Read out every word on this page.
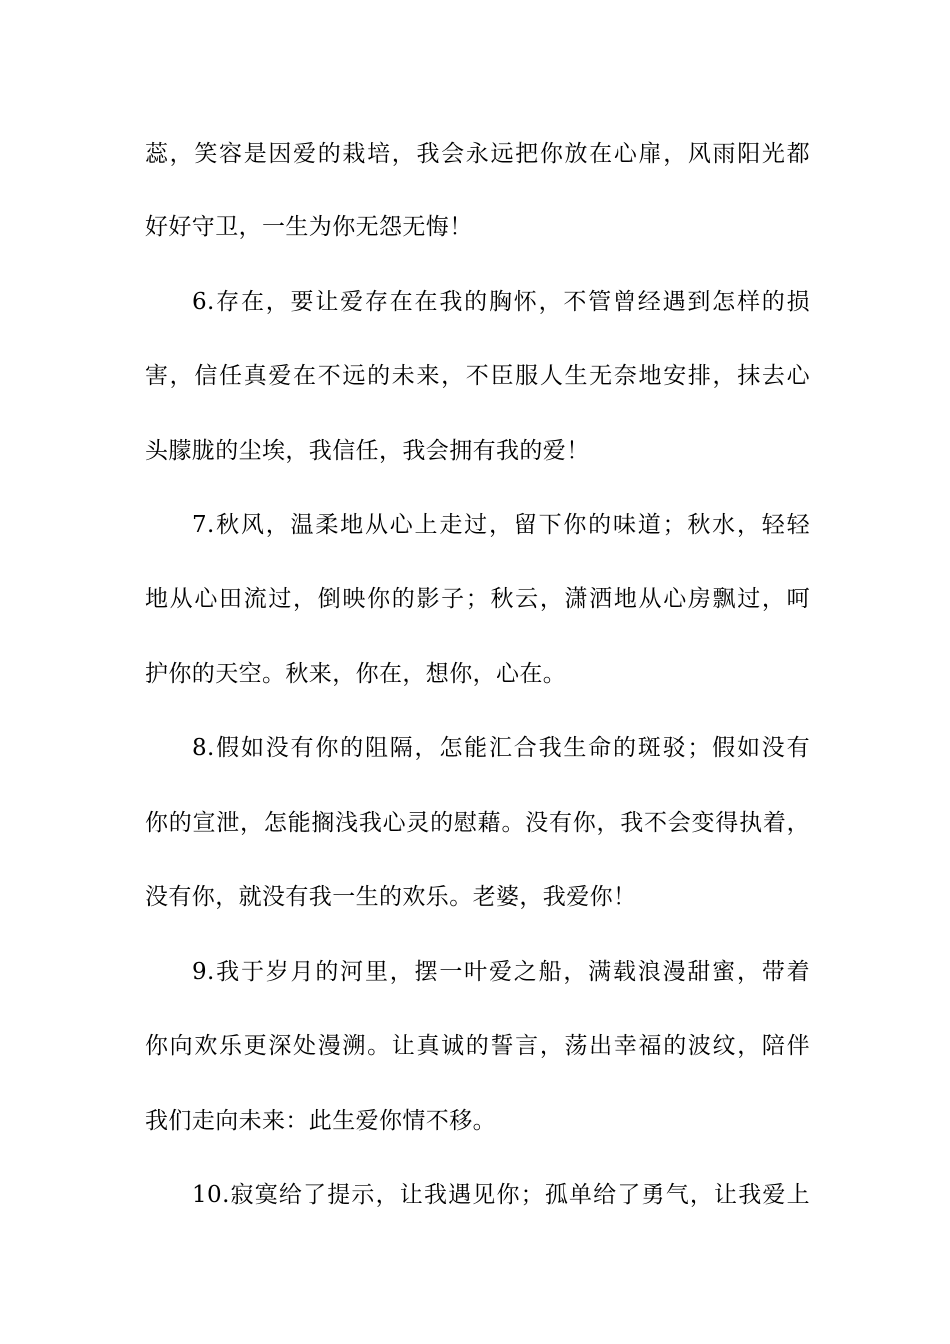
蕊，笑容是因爱的栽培，我会永远把你放在心扉，风雨阳光都
好好守卫，一生为你无怨无悔！
6.存在，要让爱存在在我的胸怀，不管曾经遇到怎样的损
害，信任真爱在不远的未来，不臣服人生无奈地安排，抹去心
头朦胧的尘埃，我信任，我会拥有我的爱！
7.秋风，温柔地从心上走过，留下你的味道；秋水，轻轻
地从心田流过，倒映你的影子；秋云，潇洒地从心房飘过，呵
护你的天空。秋来，你在，想你，心在。
8.假如没有你的阻隔，怎能汇合我生命的斑驳；假如没有
你的宣泄，怎能搁浅我心灵的慰藉。没有你，我不会变得执着，
没有你，就没有我一生的欢乐。老婆，我爱你！
9.我于岁月的河里，摆一叶爱之船，满载浪漫甜蜜，带着
你向欢乐更深处漫溯。让真诚的誓言，荡出幸福的波纹，陪伴
我们走向未来：此生爱你情不移。
10.寂寞给了提示，让我遇见你；孤单给了勇气，让我爱上
